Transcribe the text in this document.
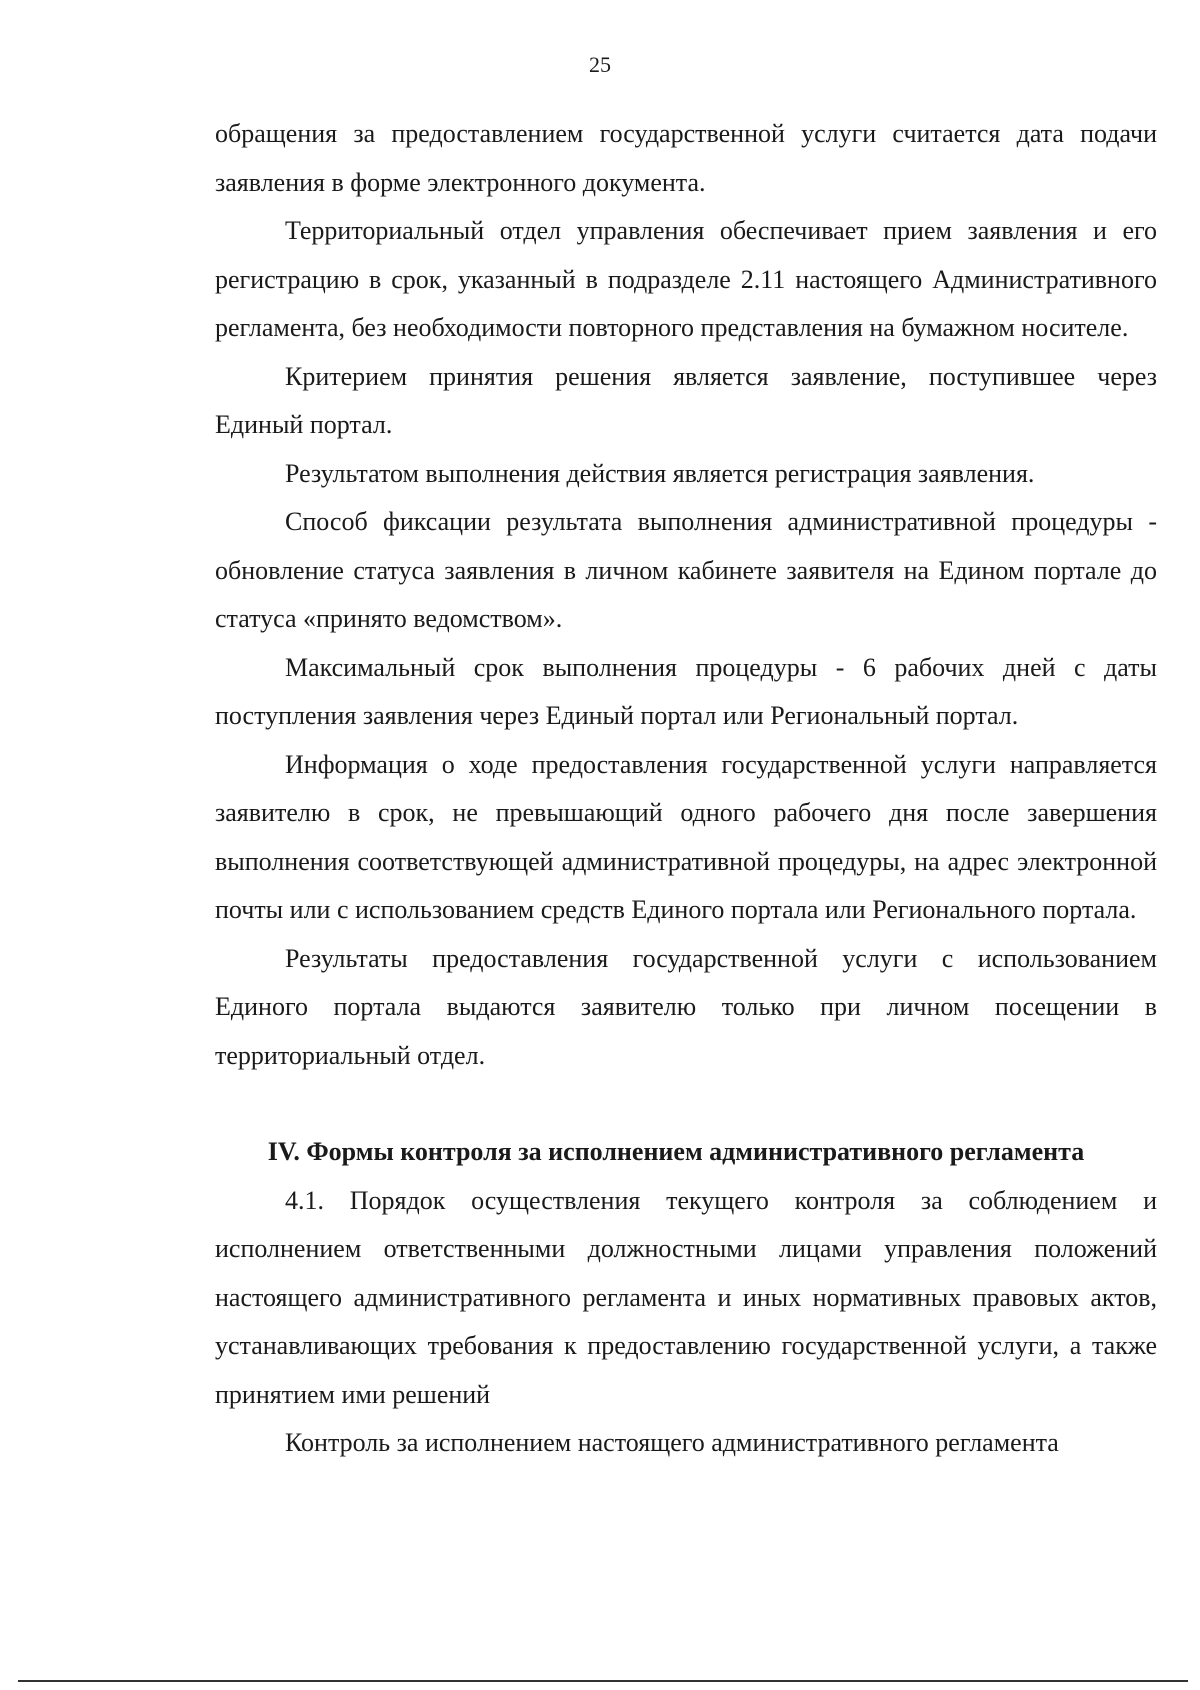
25

обращения за предоставлением государственной услуги считается дата подачи заявления в форме электронного документа.

Территориальный отдел управления обеспечивает прием заявления и его регистрацию в срок, указанный в подразделе 2.11 настоящего Административного регламента, без необходимости повторного представления на бумажном носителе.

Критерием принятия решения является заявление, поступившее через Единый портал.

Результатом выполнения действия является регистрация заявления.

Способ фиксации результата выполнения административной процедуры - обновление статуса заявления в личном кабинете заявителя на Едином портале до статуса «принято ведомством».

Максимальный срок выполнения процедуры - 6 рабочих дней с даты поступления заявления через Единый портал или Региональный портал.

Информация о ходе предоставления государственной услуги направляется заявителю в срок, не превышающий одного рабочего дня после завершения выполнения соответствующей административной процедуры, на адрес электронной почты или с использованием средств Единого портала или Регионального портала.

Результаты предоставления государственной услуги с использованием Единого портала выдаются заявителю только при личном посещении в территориальный отдел.

IV. Формы контроля за исполнением административного регламента

4.1. Порядок осуществления текущего контроля за соблюдением и исполнением ответственными должностными лицами управления положений настоящего административного регламента и иных нормативных правовых актов, устанавливающих требования к предоставлению государственной услуги, а также принятием ими решений

Контроль за исполнением настоящего административного регламента
